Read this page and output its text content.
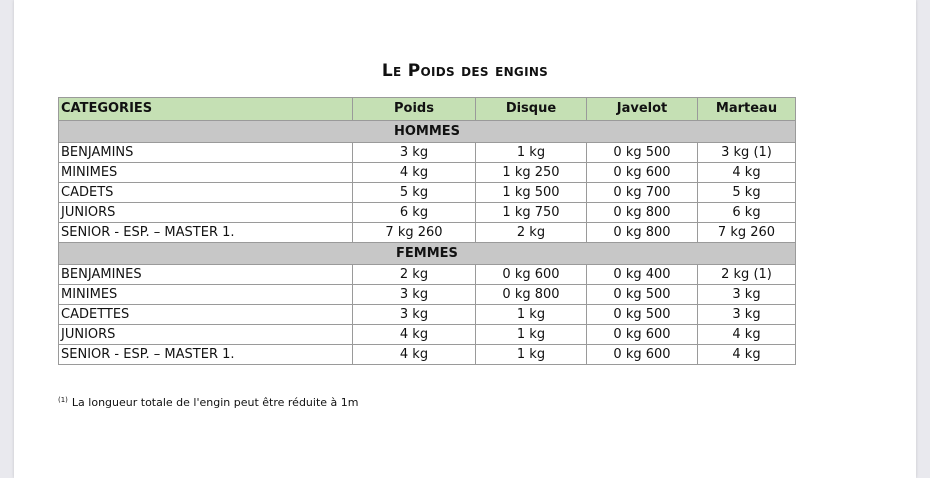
Le Poids des engins
CATEGORIES	Poids	Disque	Javelot	Marteau
HOMMES				
BENJAMINS	3 kg	1 kg	0 kg 500	3 kg (1)
MINIMES	4 kg	1 kg 250	0 kg 600	4 kg
CADETS	5 kg	1 kg 500	0 kg 700	5 kg
JUNIORS	6 kg	1 kg 750	0 kg 800	6 kg
SENIOR - ESP. – MASTER 1.	7 kg 260	2 kg	0 kg 800	7 kg 260
FEMMES				
BENJAMINES	2 kg	0 kg 600	0 kg 400	2 kg (1)
MINIMES	3 kg	0 kg 800	0 kg 500	3 kg
CADETTES	3 kg	1 kg	0 kg 500	3 kg
JUNIORS	4 kg	1 kg	0 kg 600	4 kg
SENIOR - ESP. – MASTER 1.	4 kg	1 kg	0 kg 600	4 kg
$^{(1)}$ La longueur totale de l'engin peut être réduite à 1m
